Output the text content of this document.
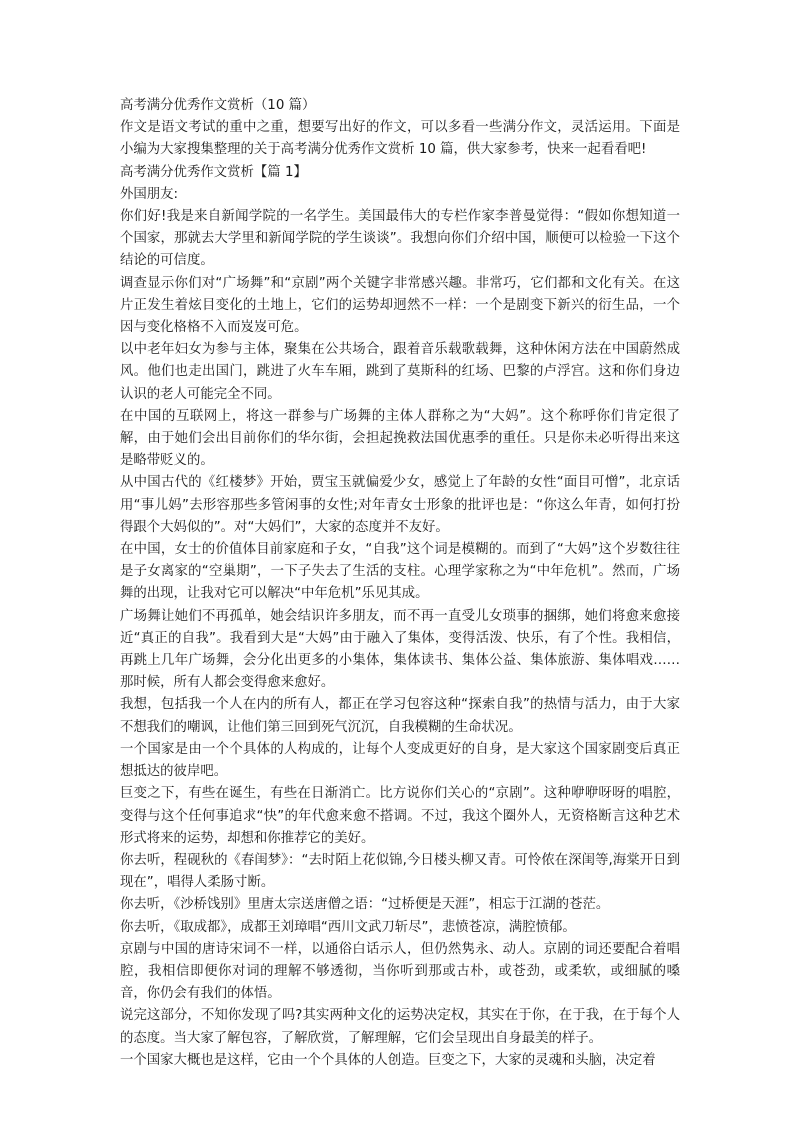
高考满分优秀作文赏析（10 篇）

作文是语文考试的重中之重，想要写出好的作文，可以多看一些满分作文，灵活运用。下面是小编为大家搜集整理的关于高考满分优秀作文赏析 10 篇，供大家参考，快来一起看看吧!

高考满分优秀作文赏析【篇 1】

外国朋友:

你们好!我是来自新闻学院的一名学生。美国最伟大的专栏作家李普曼觉得：“假如你想知道一个国家，那就去大学里和新闻学院的学生谈谈”。我想向你们介绍中国，顺便可以检验一下这个结论的可信度。

调查显示你们对“广场舞”和“京剧”两个关键字非常感兴趣。非常巧，它们都和文化有关。在这片正发生着炫目变化的土地上，它们的运势却迥然不一样：一个是剧变下新兴的衍生品，一个因与变化格格不入而岌岌可危。

以中老年妇女为参与主体，聚集在公共场合，跟着音乐载歌载舞，这种休闲方法在中国蔚然成风。他们也走出国门，跳进了火车车厢，跳到了莫斯科的红场、巴黎的卢浮宫。这和你们身边认识的老人可能完全不同。

在中国的互联网上，将这一群参与广场舞的主体人群称之为“大妈”。这个称呼你们肯定很了解，由于她们会出目前你们的华尔街，会担起挽救法国优惠季的重任。只是你未必听得出来这是略带贬义的。

从中国古代的《红楼梦》开始，贾宝玉就偏爱少女，感觉上了年龄的女性“面目可憎”，北京话用“事儿妈”去形容那些多管闲事的女性;对年青女士形象的批评也是：“你这么年青，如何打扮得跟个大妈似的”。对“大妈们”，大家的态度并不友好。

在中国，女士的价值体目前家庭和子女，“自我”这个词是模糊的。而到了“大妈”这个岁数往往是子女离家的“空巢期”，一下子失去了生活的支柱。心理学家称之为“中年危机”。然而，广场舞的出现，让我对它可以解决“中年危机”乐见其成。

广场舞让她们不再孤单，她会结识许多朋友，而不再一直受儿女琐事的捆绑，她们将愈来愈接近“真正的自我”。我看到大是“大妈”由于融入了集体，变得活泼、快乐，有了个性。我相信，再跳上几年广场舞，会分化出更多的小集体，集体读书、集体公益、集体旅游、集体唱戏……那时候，所有人都会变得愈来愈好。

我想，包括我一个人在内的所有人，都正在学习包容这种“探索自我”的热情与活力，由于大家不想我们的嘲讽，让他们第三回到死气沉沉，自我模糊的生命状况。

一个国家是由一个个具体的人构成的，让每个人变成更好的自身，是大家这个国家剧变后真正想抵达的彼岸吧。

巨变之下，有些在诞生，有些在日渐消亡。比方说你们关心的“京剧”。这种咿咿呀呀的唱腔，变得与这个任何事追求“快”的年代愈来愈不搭调。不过，我这个圈外人，无资格断言这种艺术形式将来的运势，却想和你推荐它的美好。

你去听，程砚秋的《春闺梦》：“去时陌上花似锦,今日楼头柳又青。可怜侬在深闺等,海棠开日到现在”，唱得人柔肠寸断。

你去听，《沙桥饯别》里唐太宗送唐僧之语：“过桥便是天涯”，相忘于江湖的苍茫。

你去听，《取成都》，成都王刘璋唱“西川文武刀斩尽”，悲愤苍凉，满腔愤郁。

京剧与中国的唐诗宋词不一样，以通俗白话示人，但仍然隽永、动人。京剧的词还要配合着唱腔，我相信即便你对词的理解不够透彻，当你听到那或古朴，或苍劲，或柔软，或细腻的嗓音，你仍会有我们的体悟。

说完这部分，不知你发现了吗?其实两种文化的运势决定权，其实在于你，在于我，在于每个人的态度。当大家了解包容，了解欣赏，了解理解，它们会呈现出自身最美的样子。

一个国家大概也是这样，它由一个个具体的人创造。巨变之下，大家的灵魂和头脑，决定着
